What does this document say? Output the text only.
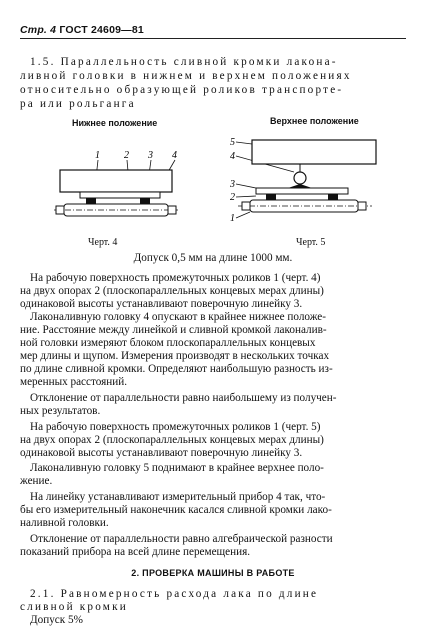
Стр. 4 ГОСТ 24609—81
1.5. Параллельность сливной кромки лакона-
ливной головки в нижнем и верхнем положениях
относительно образующей роликов транспорте-
ра или рольганга
Нижнее положение	Верхнее положение
1 2 3 4
5
4
3
2
1
Черт. 4	Черт. 5
Допуск 0,5 мм на длине 1000 мм.
На рабочую поверхность промежуточных роликов 1 (черт. 4)
на двух опорах 2 (плоскопараллельных концевых мерах длины)
одинаковой высоты устанавливают поверочную линейку 3.
Лаконаливную головку 4 опускают в крайнее нижнее положе-
ние. Расстояние между линейкой и сливной кромкой лаконалив-
ной головки измеряют блоком плоскопараллельных концевых
мер длины и щупом. Измерения производят в нескольких точках
по длине сливной кромки. Определяют наибольшую разность из-
меренных расстояний.
Отклонение от параллельности равно наибольшему из получен-
ных результатов.
На рабочую поверхность промежуточных роликов 1 (черт. 5)
на двух опорах 2 (плоскопараллельных концевых мерах длины)
одинаковой высоты устанавливают поверочную линейку 3.
Лаконаливную головку 5 поднимают в крайнее верхнее поло-
жение.
На линейку устанавливают измерительный прибор 4 так, что-
бы его измерительный наконечник касался сливной кромки лако-
наливной головки.
Отклонение от параллельности равно алгебраической разности
показаний прибора на всей длине перемещения.
2. ПРОВЕРКА МАШИНЫ В РАБОТЕ
2.1. Равномерность расхода лака по длине
сливной кромки
Допуск 5%
